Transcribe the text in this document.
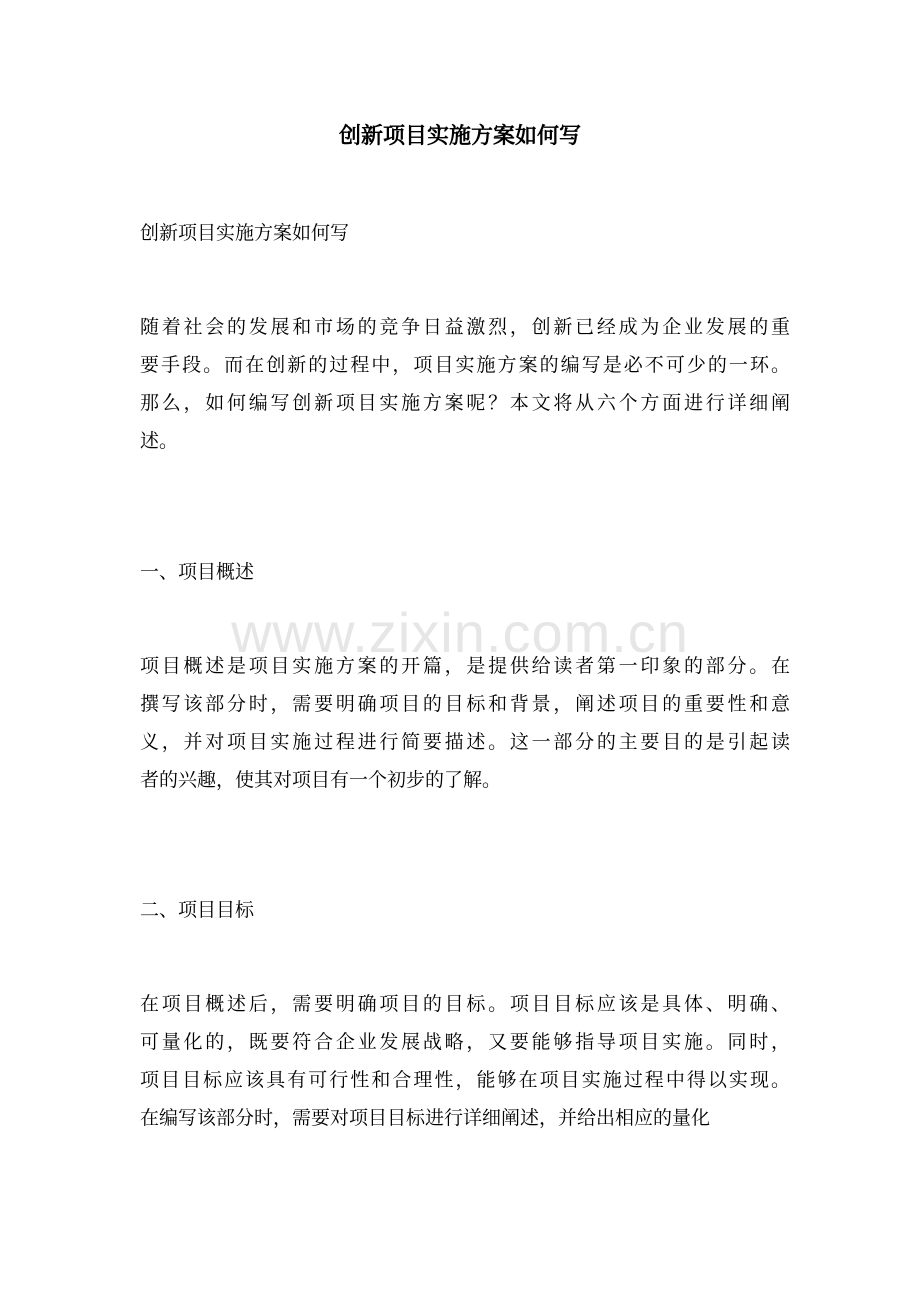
www.zixin.com.cn
创新项目实施方案如何写

创新项目实施方案如何写

随着社会的发展和市场的竞争日益激烈，创新已经成为企业发展的重
要手段。而在创新的过程中，项目实施方案的编写是必不可少的一环。
那么，如何编写创新项目实施方案呢？本文将从六个方面进行详细阐
述。

一、项目概述

项目概述是项目实施方案的开篇，是提供给读者第一印象的部分。在
撰写该部分时，需要明确项目的目标和背景，阐述项目的重要性和意
义，并对项目实施过程进行简要描述。这一部分的主要目的是引起读
者的兴趣，使其对项目有一个初步的了解。

二、项目目标

在项目概述后，需要明确项目的目标。项目目标应该是具体、明确、
可量化的，既要符合企业发展战略，又要能够指导项目实施。同时，
项目目标应该具有可行性和合理性，能够在项目实施过程中得以实现。
在编写该部分时，需要对项目目标进行详细阐述，并给出相应的量化
